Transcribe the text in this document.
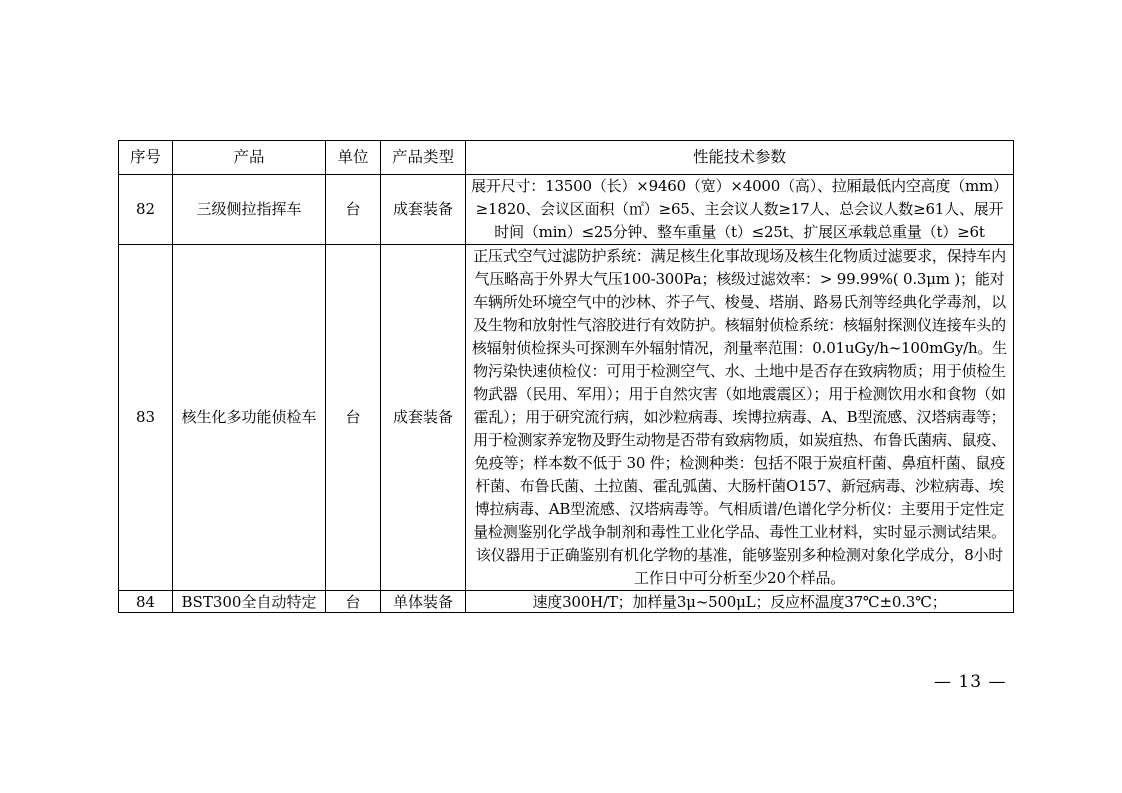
序号	产品	单位	产品类型	性能技术参数
82	三级侧拉指挥车	台	成套装备	展开尺寸：13500（长）×9460（宽）×4000（高）、拉厢最低内空高度（mm）≥1820、会议区面积（㎡）≥65、主会议人数≥17人、总会议人数≥61人、展开时间（min）≤25分钟、整车重量（t）≤25t、扩展区承载总重量（t）≥6t
83	核生化多功能侦检车	台	成套装备	正压式空气过滤防护系统：满足核生化事故现场及核生化物质过滤要求，保持车内气压略高于外界大气压100-300Pa；核级过滤效率：> 99.99%( 0.3μm )；能对车辆所处环境空气中的沙林、芥子气、梭曼、塔崩、路易氏剂等经典化学毒剂，以及生物和放射性气溶胶进行有效防护。核辐射侦检系统：核辐射探测仪连接车头的核辐射侦检探头可探测车外辐射情况，剂量率范围：0.01uGy/h~100mGy/h。生物污染快速侦检仪：可用于检测空气、水、土地中是否存在致病物质；用于侦检生物武器（民用、军用）；用于自然灾害（如地震震区）；用于检测饮用水和食物（如霍乱）；用于研究流行病，如沙粒病毒、埃博拉病毒、A、B型流感、汉塔病毒等；用于检测家养宠物及野生动物是否带有致病物质，如炭疽热、布鲁氏菌病、鼠疫、免疫等；样本数不低于 30 件；检测种类：包括不限于炭疽杆菌、鼻疽杆菌、鼠疫杆菌、布鲁氏菌、土拉菌、霍乱弧菌、大肠杆菌O157、新冠病毒、沙粒病毒、埃博拉病毒、AB型流感、汉塔病毒等。气相质谱/色谱化学分析仪：主要用于定性定量检测鉴别化学战争制剂和毒性工业化学品、毒性工业材料，实时显示测试结果。该仪器用于正确鉴别有机化学物的基准，能够鉴别多种检测对象化学成分，8小时工作日中可分析至少20个样品。
84	BST300全自动特定	台	单体装备	速度300H/T；加样量3μ~500μL；反应杯温度37℃±0.3℃；
— 13 —
